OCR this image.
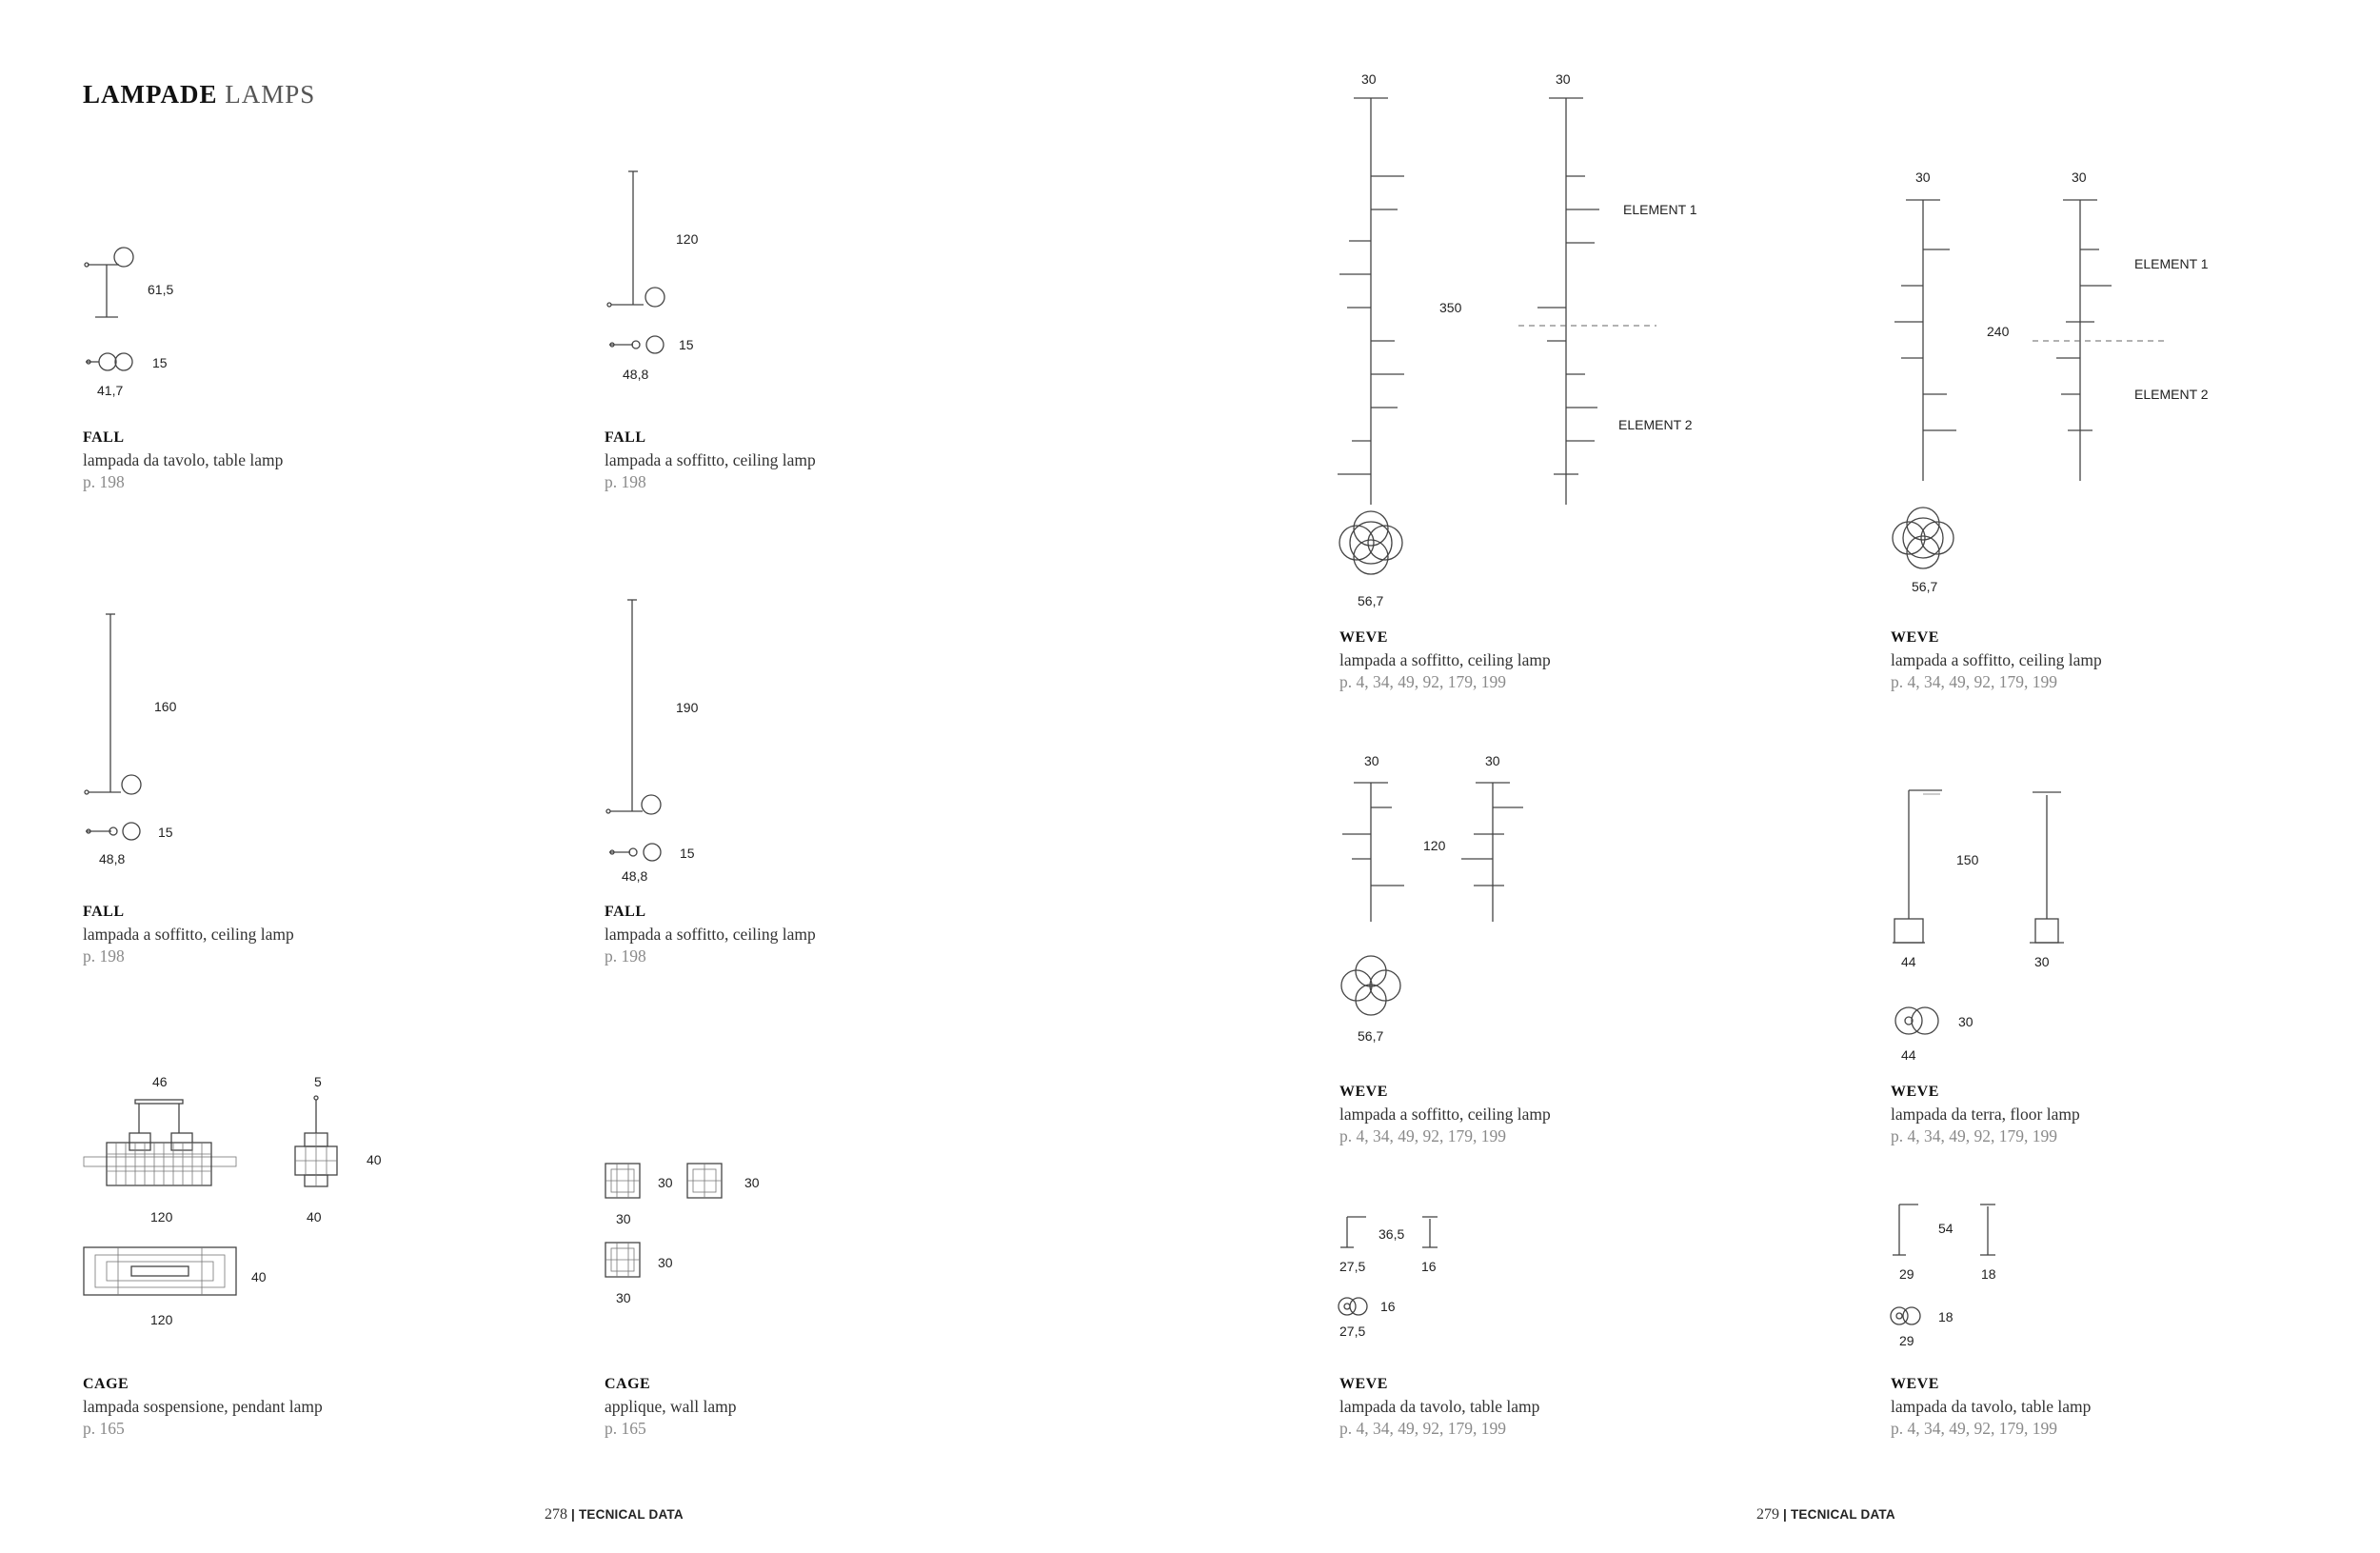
LAMPADE LAMPS
61,5
15
41,7
120
15
48,8
160
15
48,8
190
15
48,8
46	5
40
120	40
40
120
30	30
30
30
30
30	30
350
ELEMENT 1
ELEMENT 2
56,7
30	30
240
ELEMENT 1
ELEMENT 2
56,7
30	30
120
56,7
150
44	30
30
44
36,5
27,5	16
16
27,5
54
29	18
18
29
FALL
lampada da tavolo, table lamp
p. 198
FALL
lampada a soffitto, ceiling lamp
p. 198
FALL
lampada a soffitto, ceiling lamp
p. 198
FALL
lampada a soffitto, ceiling lamp
p. 198
CAGE
lampada sospensione, pendant lamp
p. 165
CAGE
applique, wall lamp
p. 165
WEVE
lampada a soffitto, ceiling lamp
p. 4, 34, 49, 92, 179, 199
WEVE
lampada a soffitto, ceiling lamp
p. 4, 34, 49, 92, 179, 199
WEVE
lampada a soffitto, ceiling lamp
p. 4, 34, 49, 92, 179, 199
WEVE
lampada da terra, floor lamp
p. 4, 34, 49, 92, 179, 199
WEVE
lampada da tavolo, table lamp
p. 4, 34, 49, 92, 179, 199
WEVE
lampada da tavolo, table lamp
p. 4, 34, 49, 92, 179, 199
278 | TECNICAL DATA	279 | TECNICAL DATA
